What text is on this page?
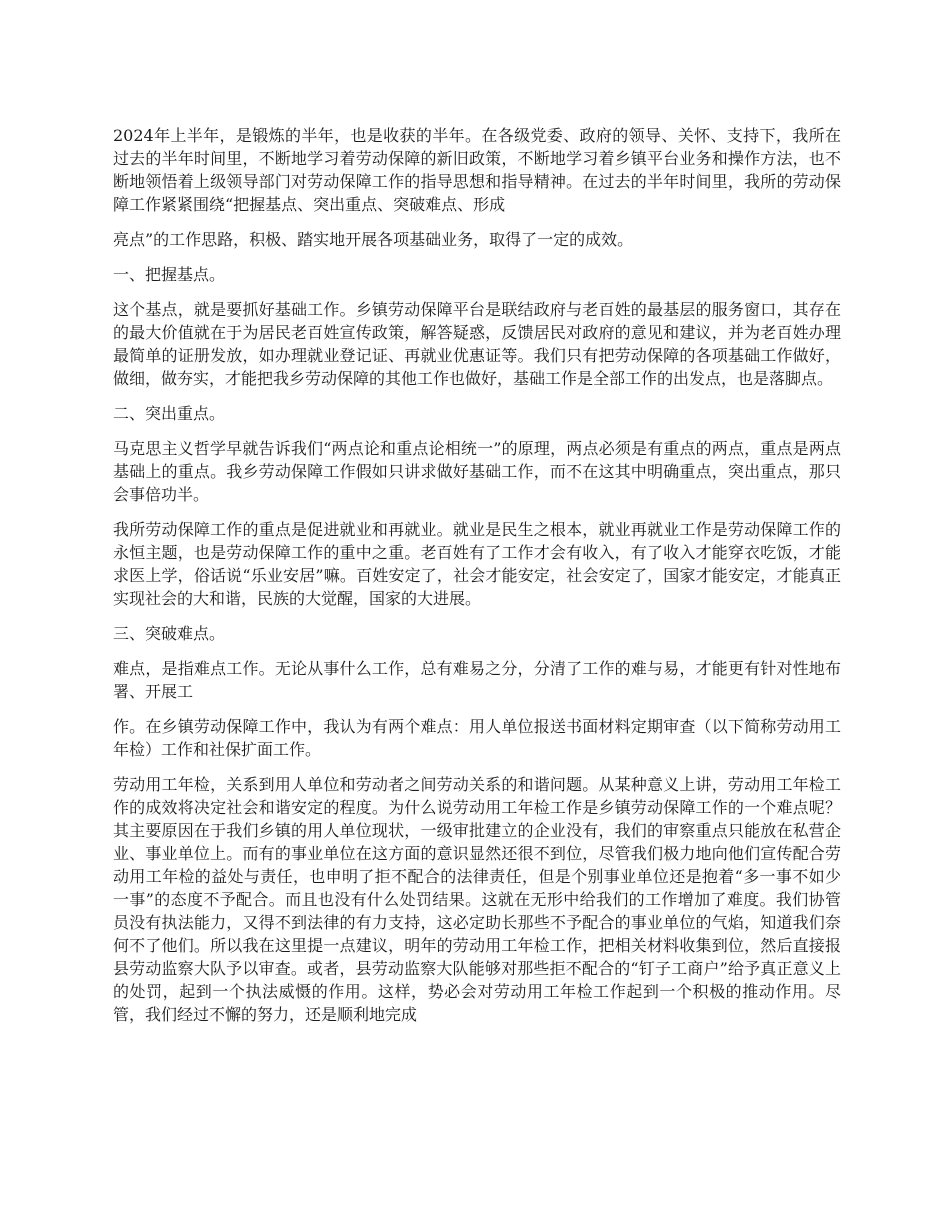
2024年上半年，是锻炼的半年，也是收获的半年。在各级党委、政府的领导、关怀、支持下，我所在过去的半年时间里，不断地学习着劳动保障的新旧政策，不断地学习着乡镇平台业务和操作方法，也不断地领悟着上级领导部门对劳动保障工作的指导思想和指导精神。在过去的半年时间里，我所的劳动保障工作紧紧围绕“把握基点、突出重点、突破难点、形成

亮点”的工作思路，积极、踏实地开展各项基础业务，取得了一定的成效。

一、把握基点。

这个基点，就是要抓好基础工作。乡镇劳动保障平台是联结政府与老百姓的最基层的服务窗口，其存在的最大价值就在于为居民老百姓宣传政策，解答疑惑，反馈居民对政府的意见和建议，并为老百姓办理最简单的证册发放，如办理就业登记证、再就业优惠证等。我们只有把劳动保障的各项基础工作做好，做细，做夯实，才能把我乡劳动保障的其他工作也做好，基础工作是全部工作的出发点，也是落脚点。

二、突出重点。

马克思主义哲学早就告诉我们“两点论和重点论相统一”的原理，两点必须是有重点的两点，重点是两点基础上的重点。我乡劳动保障工作假如只讲求做好基础工作，而不在这其中明确重点，突出重点，那只会事倍功半。

我所劳动保障工作的重点是促进就业和再就业。就业是民生之根本，就业再就业工作是劳动保障工作的永恒主题，也是劳动保障工作的重中之重。老百姓有了工作才会有收入，有了收入才能穿衣吃饭，才能求医上学，俗话说“乐业安居”嘛。百姓安定了，社会才能安定，社会安定了，国家才能安定，才能真正实现社会的大和谐，民族的大觉醒，国家的大进展。

三、突破难点。

难点，是指难点工作。无论从事什么工作，总有难易之分，分清了工作的难与易，才能更有针对性地布署、开展工

作。在乡镇劳动保障工作中，我认为有两个难点：用人单位报送书面材料定期审查（以下简称劳动用工年检）工作和社保扩面工作。

劳动用工年检，关系到用人单位和劳动者之间劳动关系的和谐问题。从某种意义上讲，劳动用工年检工作的成效将决定社会和谐安定的程度。为什么说劳动用工年检工作是乡镇劳动保障工作的一个难点呢？其主要原因在于我们乡镇的用人单位现状，一级审批建立的企业没有，我们的审察重点只能放在私营企业、事业单位上。而有的事业单位在这方面的意识显然还很不到位，尽管我们极力地向他们宣传配合劳动用工年检的益处与责任，也申明了拒不配合的法律责任，但是个别事业单位还是抱着“多一事不如少一事”的态度不予配合。而且也没有什么处罚结果。这就在无形中给我们的工作增加了难度。我们协管员没有执法能力，又得不到法律的有力支持，这必定助长那些不予配合的事业单位的气焰，知道我们奈何不了他们。所以我在这里提一点建议，明年的劳动用工年检工作，把相关材料收集到位，然后直接报县劳动监察大队予以审查。或者，县劳动监察大队能够对那些拒不配合的“钉子工商户”给予真正意义上的处罚，起到一个执法威慑的作用。这样，势必会对劳动用工年检工作起到一个积极的推动作用。尽管，我们经过不懈的努力，还是顺利地完成
